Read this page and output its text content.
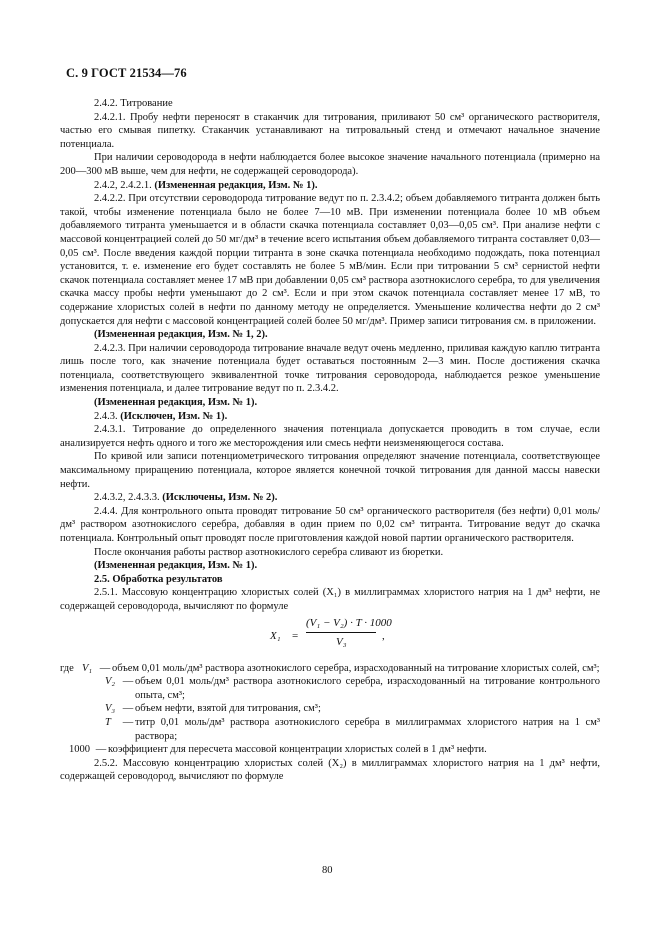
С. 9 ГОСТ 21534—76

2.4.2. Титрование

2.4.2.1. Пробу нефти переносят в стаканчик для титрования, приливают 50 см³ органического растворителя, частью его смывая пипетку. Стаканчик устанавливают на титровальный стенд и отмечают начальное значение потенциала.

При наличии сероводорода в нефти наблюдается более высокое значение начального потенциала (примерно на 200—300 мВ выше, чем для нефти, не содержащей сероводорода).

2.4.2, 2.4.2.1. (Измененная редакция, Изм. № 1).

2.4.2.2. При отсутствии сероводорода титрование ведут по п. 2.3.4.2; объем добавляемого титранта должен быть такой, чтобы изменение потенциала было не более 7—10 мВ. При изменении потенциала более 10 мВ объем добавляемого титранта уменьшается и в области скачка потенциала составляет 0,03—0,05 см³. При анализе нефти с массовой концентрацией солей до 50 мг/дм³ в течение всего испытания объем добавляемого титранта составляет 0,03—0,05 см³. После введения каждой порции титранта в зоне скачка потенциала необходимо подождать, пока потенциал установится, т. е. изменение его будет составлять не более 5 мВ/мин. Если при титровании 5 см³ сернистой нефти скачок потенциала составляет менее 17 мВ при добавлении 0,05 см³ раствора азотнокислого серебра, то для увеличения скачка массу пробы нефти уменьшают до 2 см³. Если и при этом скачок потенциала составляет менее 17 мВ, то содержание хлористых солей в нефти по данному методу не определяется. Уменьшение количества нефти до 2 см³ допускается для нефти с массовой концентрацией солей более 50 мг/дм³. Пример записи титрования см. в приложении.

(Измененная редакция, Изм. № 1, 2).

2.4.2.3. При наличии сероводорода титрование вначале ведут очень медленно, приливая каждую каплю титранта лишь после того, как значение потенциала будет оставаться постоянным 2—3 мин. После достижения скачка потенциала, соответствующего эквивалентной точке титрования сероводорода, наблюдается резкое уменьшение изменения потенциала, и далее титрование ведут по п. 2.3.4.2.

(Измененная редакция, Изм. № 1).

2.4.3. (Исключен, Изм. № 1).

2.4.3.1. Титрование до определенного значения потенциала допускается проводить в том случае, если анализируется нефть одного и того же месторождения или смесь нефти неизменяющегося состава.

По кривой или записи потенциометрического титрования определяют значение потенциала, соответствующее максимальному приращению потенциала, которое является конечной точкой титрования для данной массы навески нефти.

2.4.3.2, 2.4.3.3. (Исключены, Изм. № 2).

2.4.4. Для контрольного опыта проводят титрование 50 см³ органического растворителя (без нефти) 0,01 моль/дм³ раствором азотнокислого серебра, добавляя в один прием по 0,02 см³ титранта. Титрование ведут до скачка потенциала. Контрольный опыт проводят после приготовления каждой новой партии органического растворителя.

После окончания работы раствор азотнокислого серебра сливают из бюретки.

(Измененная редакция, Изм. № 1).

2.5. Обработка результатов

2.5.1. Массовую концентрацию хлористых солей (X₁) в миллиграммах хлористого натрия на 1 дм³ нефти, не содержащей сероводорода, вычисляют по формуле

X₁ =
(V₁ − V₂) · T · 1000
V₃	,
где V₁ — объем 0,01 моль/дм³ раствора азотнокислого серебра, израсходованный на титрование хлористых солей, см³;
V₂ — объем 0,01 моль/дм³ раствора азотнокислого серебра, израсходованный на титрование контрольного опыта, см³;
V₃ — объем нефти, взятой для титрования, см³;
T	— титр 0,01 моль/дм³ раствора азотнокислого серебра в миллиграммах хлористого натрия на 1 см³ раствора;
1000 — коэффициент для пересчета массовой концентрации хлористых солей в 1 дм³ нефти.

2.5.2. Массовую концентрацию хлористых солей (X₂) в миллиграммах хлористого натрия на 1 дм³ нефти, содержащей сероводород, вычисляют по формуле

80
